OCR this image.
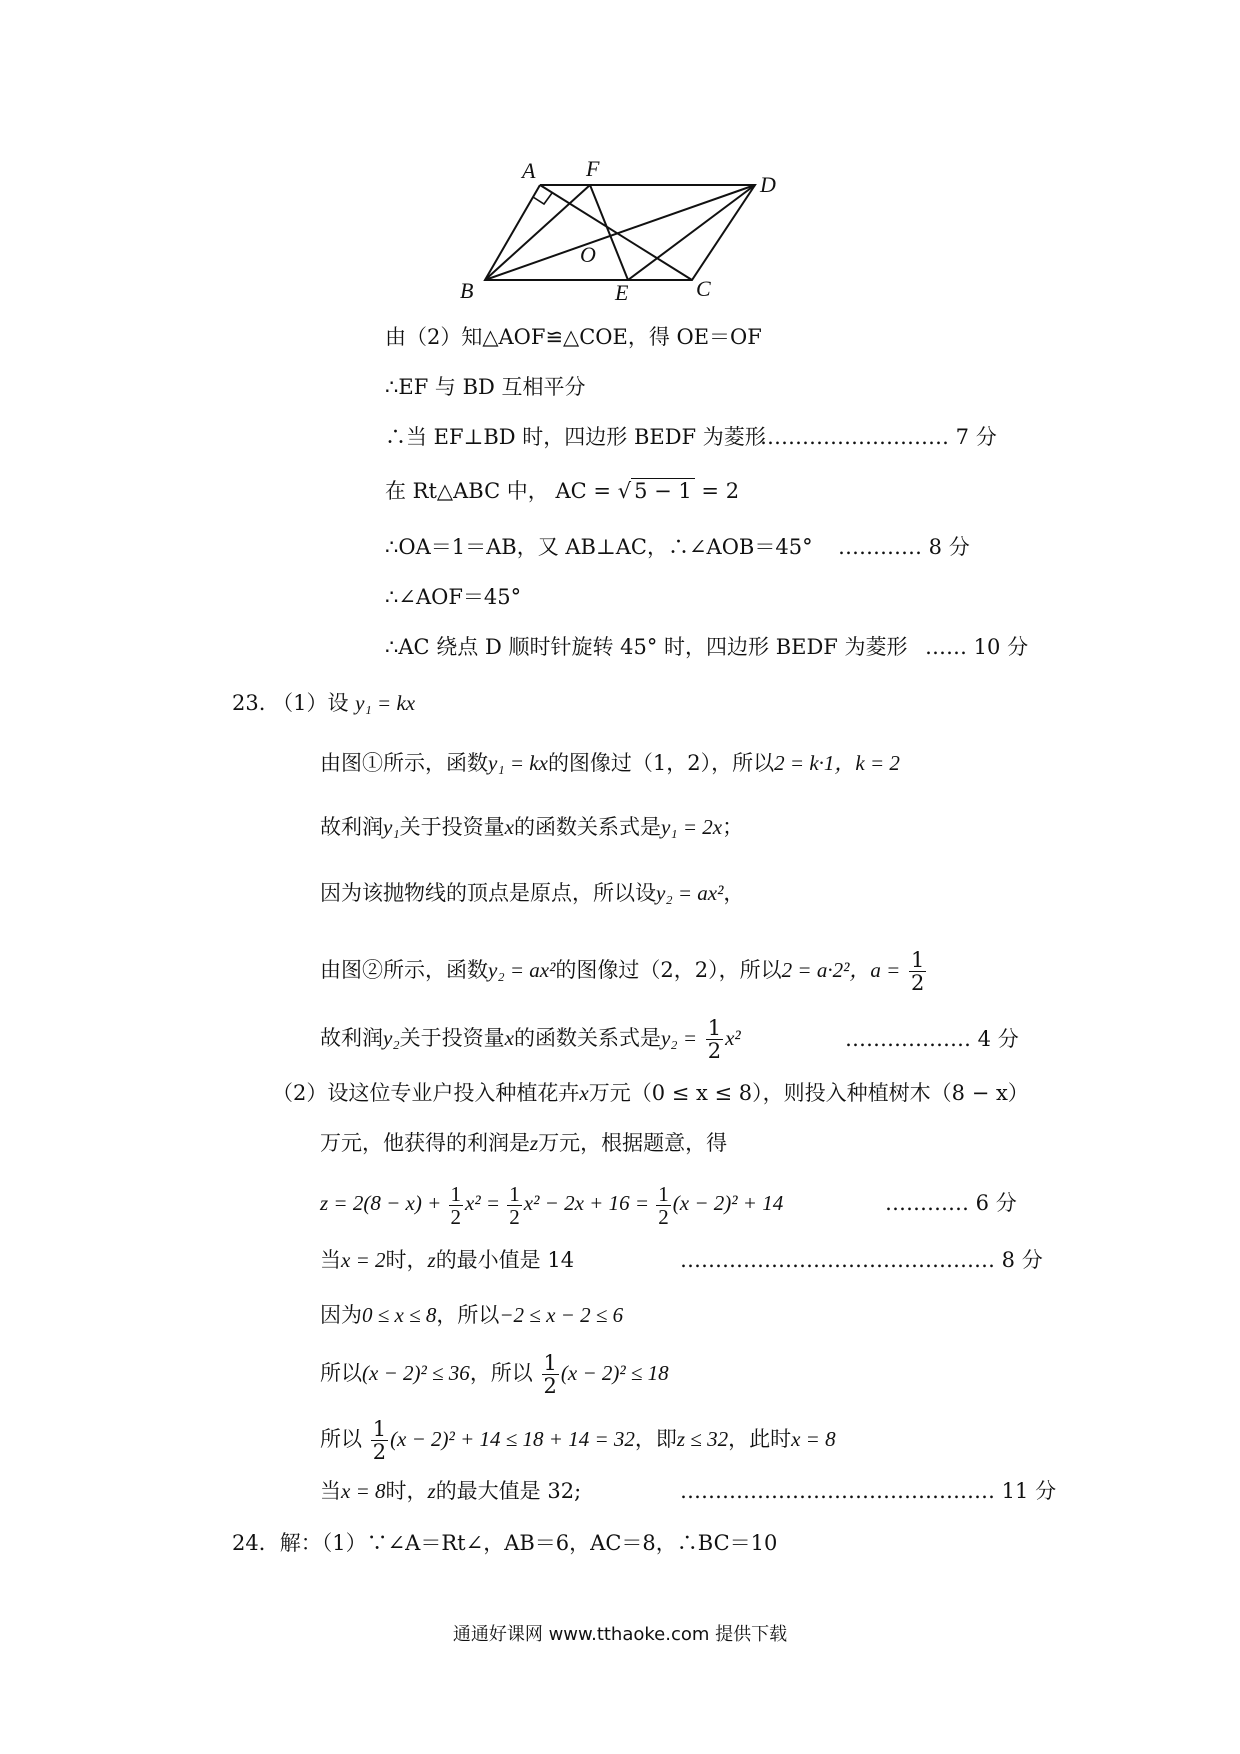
A F
D
B
O
E	C
由（2）知△AOF≌△COE，得 OE＝OF
∴EF 与 BD 互相平分
∴当 EF⊥BD 时，四边形 BEDF 为菱形
……………………… 7 分
在 Rt△ABC 中， AC = √ 5 − 1 = 2
∴OA＝1＝AB，又 AB⊥AC，∴∠AOB＝45° ………… 8 分
∴∠AOF＝45°
∴AC 绕点 D 顺时针旋转 45° 时，四边形 BEDF 为菱形 …… 10 分
23. （1）设 y₁ = kx
由图①所示，函数y₁ = kx的图像过（1，2），所以2 = k·1，k = 2
故利润y₁关于投资量x的函数关系式是y₁ = 2x；
因为该抛物线的顶点是原点，所以设y₂ = ax²，
由图②所示，函数y₂ = ax²的图像过（2，2），所以2 = a·2²，$a = \frac{1}{2}$
故利润y₂关于投资量x的函数关系式是$y_2 = \frac{1}{2} x^2$	……………… 4 分
（2）设这位专业户投入种植花卉x万元（0 ≤ x ≤ 8），则投入种植树木（8 − x）
万元，他获得的利润是z万元，根据题意，得
$z = 2(8 - x) + \frac{1}{2} x^2 = \frac{1}{2} x^2 - 2x + 16 = \frac{1}{2} (x - 2)^2 + 14$	………… 6 分
当x = 2时，z的最小值是 14	……………………………………… 8 分
因为0 ≤ x ≤ 8，所以−2 ≤ x − 2 ≤ 6
所以(x − 2)² ≤ 36，所以 $\frac{1}{2} (x - 2)^2 \le 18$
所以 $\frac{1}{2} (x - 2)^2 + 14 \le 18 + 14 = 32$，即z ≤ 32，此时x = 8
当x = 8时，z的最大值是 32;	……………………………………… 11 分
24．解：（1）∵∠A＝Rt∠，AB＝6，AC＝8，∴BC＝10
通通好课网 www.tthaoke.com 提供下载
